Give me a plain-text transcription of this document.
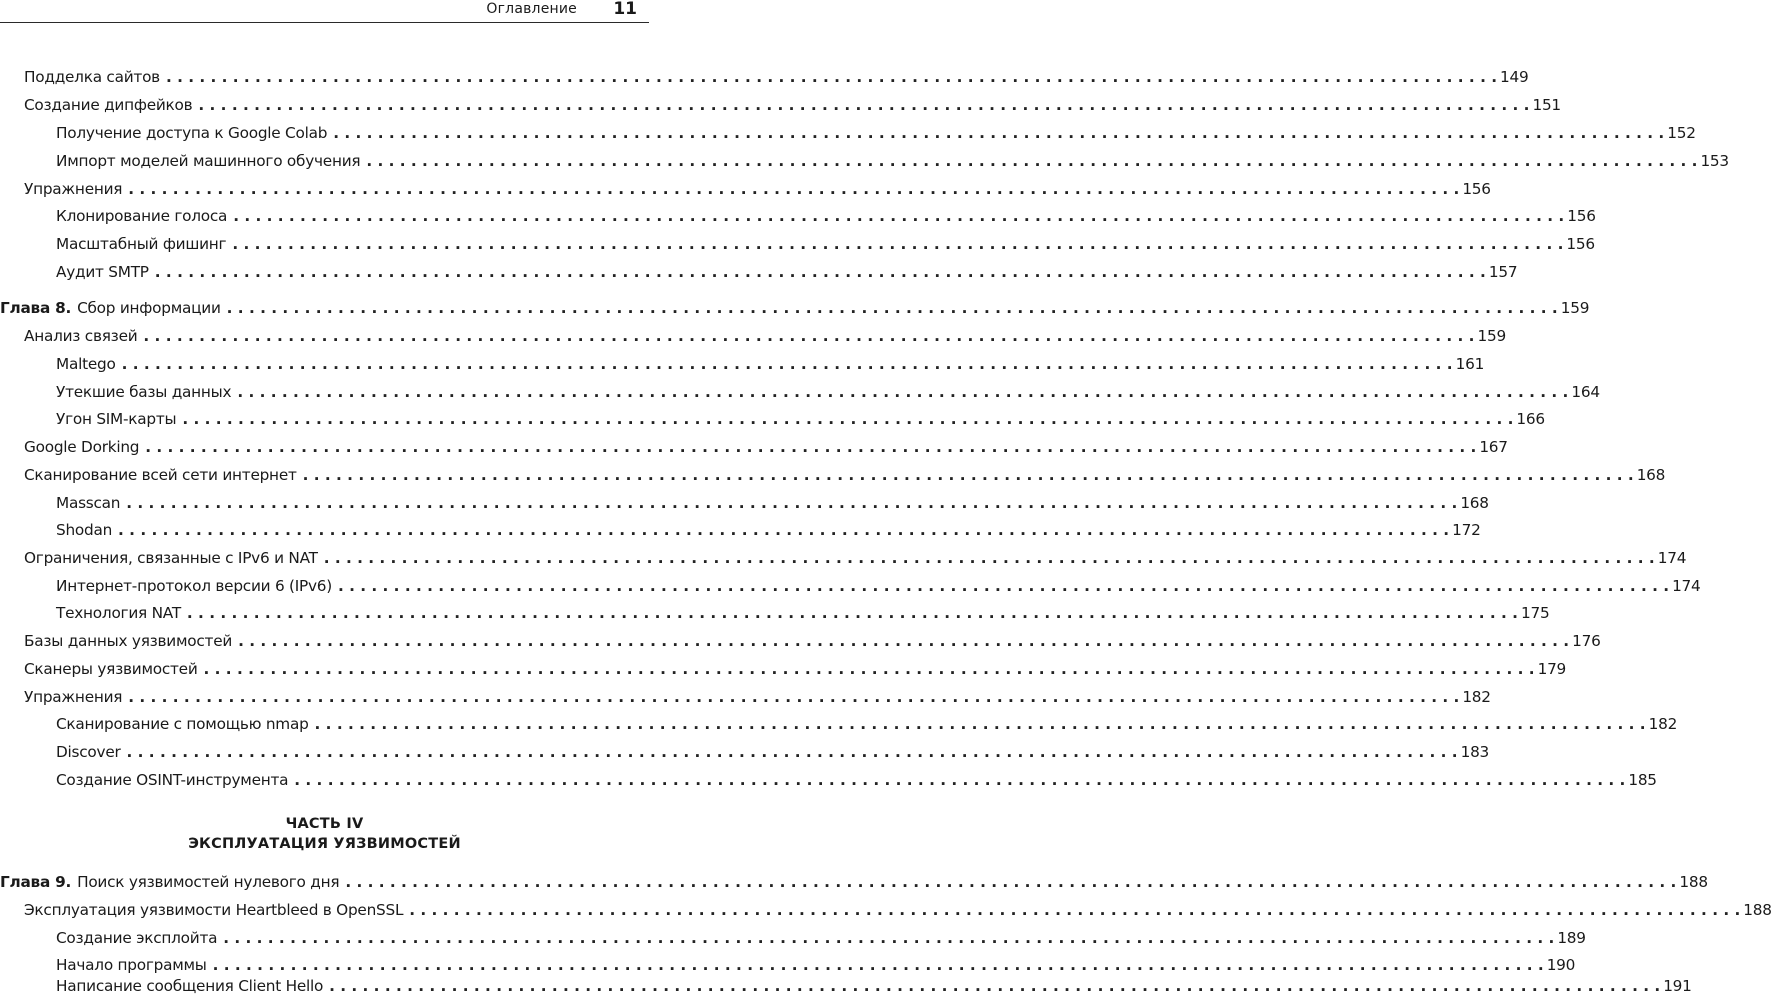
Оглавление 11
Подделка сайтов . . .	149
Создание дипфейков . . .	151
Получение доступа к Google Colab . . .	152
Импорт моделей машинного обучения . . .	153
Упражнения . . .	156
Клонирование голоса . . .	156
Масштабный фишинг . . .	156
Аудит SMTP . . .	157
Глава 8. Сбор информации . . .	159
Анализ связей . . .	159
Maltego . . .	161
Утекшие базы данных . . .	164
Угон SIM-карты . . .	166
Google Dorking . . .	167
Сканирование всей сети интернет . . .	168
Masscan . . .	168
Shodan . . .	172
Ограничения, связанные с IPv6 и NAT . . .	174
Интернет-протокол версии 6 (IPv6) . . .	174
Технология NAT . . .	175
Базы данных уязвимостей . . .	176
Сканеры уязвимостей . . .	179
Упражнения . . .	182
Сканирование с помощью nmap . . .	182
Discover . . .	183
Создание OSINT-инструмента . . .	185
ЧАСТЬ IV
ЭКСПЛУАТАЦИЯ УЯЗВИМОСТЕЙ
Глава 9. Поиск уязвимостей нулевого дня . . .	188
Эксплуатация уязвимости Heartbleed в OpenSSL . . .	188
Создание эксплойта . . .	189
Начало программы . . .	190
Написание сообщения Client Hello . . .	191
